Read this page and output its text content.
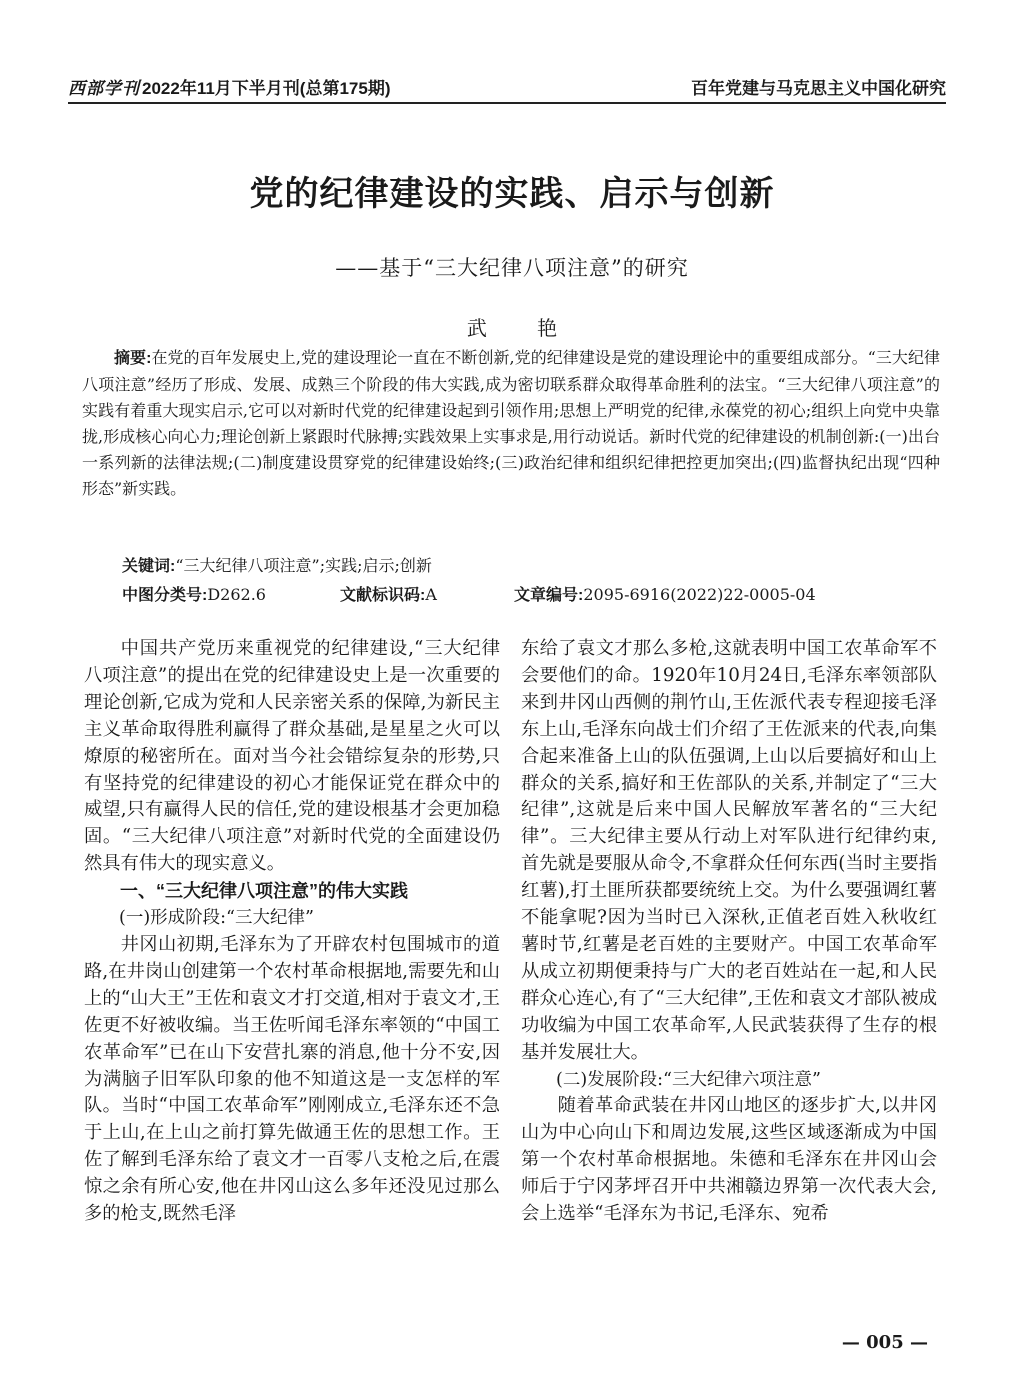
西部学刊 2022年11月下半月刊(总第175期)	百年党建与马克思主义中国化研究
党的纪律建设的实践、启示与创新
——基于“三大纪律八项注意”的研究
武 艳
摘要:在党的百年发展史上,党的建设理论一直在不断创新,党的纪律建设是党的建设理论中的重要组成部分。“三大纪律八项注意”经历了形成、发展、成熟三个阶段的伟大实践,成为密切联系群众取得革命胜利的法宝。“三大纪律八项注意”的实践有着重大现实启示,它可以对新时代党的纪律建设起到引领作用;思想上严明党的纪律,永葆党的初心;组织上向党中央靠拢,形成核心向心力;理论创新上紧跟时代脉搏;实践效果上实事求是,用行动说话。新时代党的纪律建设的机制创新:(一)出台一系列新的法律法规;(二)制度建设贯穿党的纪律建设始终;(三)政治纪律和组织纪律把控更加突出;(四)监督执纪出现“四种形态”新实践。
关键词:“三大纪律八项注意”;实践;启示;创新
中图分类号:D262.6	文献标识码:A	文章编号:2095-6916(2022)22-0005-04

中国共产党历来重视党的纪律建设,“三大纪律八项注意”的提出在党的纪律建设史上是一次重要的理论创新,它成为党和人民亲密关系的保障,为新民主主义革命取得胜利赢得了群众基础,是星星之火可以燎原的秘密所在。面对当今社会错综复杂的形势,只有坚持党的纪律建设的初心才能保证党在群众中的威望,只有赢得人民的信任,党的建设根基才会更加稳固。“三大纪律八项注意”对新时代党的全面建设仍然具有伟大的现实意义。

一、“三大纪律八项注意”的伟大实践
(一)形成阶段:“三大纪律”

井冈山初期,毛泽东为了开辟农村包围城市的道路,在井岗山创建第一个农村革命根据地,需要先和山上的“山大王”王佐和袁文才打交道,相对于袁文才,王佐更不好被收编。当王佐听闻毛泽东率领的“中国工农革命军”已在山下安营扎寨的消息,他十分不安,因为满脑子旧军队印象的他不知道这是一支怎样的军队。当时“中国工农革命军”刚刚成立,毛泽东还不急于上山,在上山之前打算先做通王佐的思想工作。王佐了解到毛泽东给了袁文才一百零八支枪之后,在震惊之余有所心安,他在井冈山这么多年还没见过那么多的枪支,既然毛泽

东给了袁文才那么多枪,这就表明中国工农革命军不会要他们的命。1920年10月24日,毛泽东率领部队来到井冈山西侧的荆竹山,王佐派代表专程迎接毛泽东上山,毛泽东向战士们介绍了王佐派来的代表,向集合起来准备上山的队伍强调,上山以后要搞好和山上群众的关系,搞好和王佐部队的关系,并制定了“三大纪律”,这就是后来中国人民解放军著名的“三大纪律”。三大纪律主要从行动上对军队进行纪律约束,首先就是要服从命令,不拿群众任何东西(当时主要指红薯),打土匪所获都要统统上交。为什么要强调红薯不能拿呢?因为当时已入深秋,正值老百姓入秋收红薯时节,红薯是老百姓的主要财产。中国工农革命军从成立初期便秉持与广大的老百姓站在一起,和人民群众心连心,有了“三大纪律”,王佐和袁文才部队被成功收编为中国工农革命军,人民武装获得了生存的根基并发展壮大。

(二)发展阶段:“三大纪律六项注意”

随着革命武装在井冈山地区的逐步扩大,以井冈山为中心向山下和周边发展,这些区域逐渐成为中国第一个农村革命根据地。朱德和毛泽东在井冈山会师后于宁冈茅坪召开中共湘赣边界第一次代表大会,会上选举“毛泽东为书记,毛泽东、宛希

— 005 —
